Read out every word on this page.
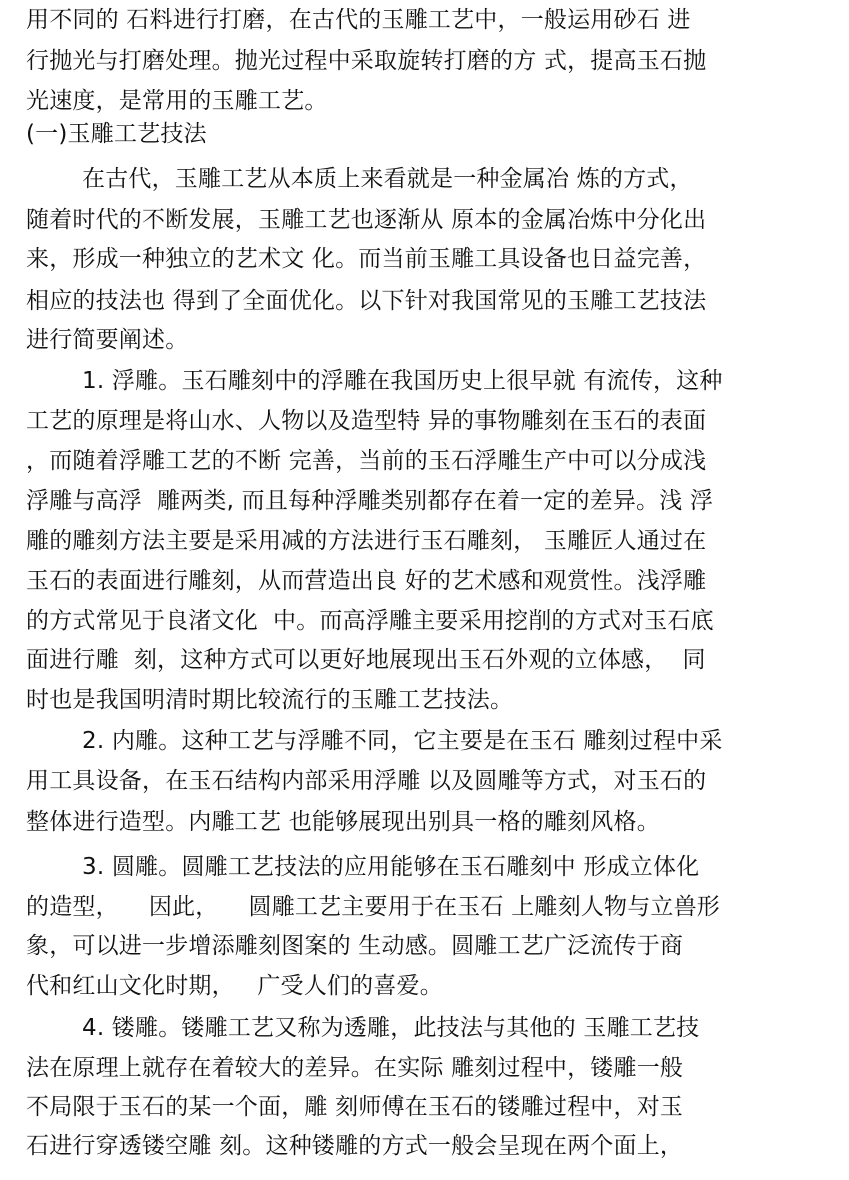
用不同的 石料进行打磨，在古代的玉雕工艺中，一般运用砂石 进
行抛光与打磨处理。抛光过程中采取旋转打磨的方 式，提高玉石抛
光速度，是常用的玉雕工艺。
(一)玉雕工艺技法
在古代，玉雕工艺从本质上来看就是一种金属冶 炼的方式，
随着时代的不断发展，玉雕工艺也逐渐从 原本的金属冶炼中分化出
来，形成一种独立的艺术文 化。而当前玉雕工具设备也日益完善，
相应的技法也 得到了全面优化。以下针对我国常见的玉雕工艺技法
进行简要阐述。
1. 浮雕。玉石雕刻中的浮雕在我国历史上很早就 有流传，这种
工艺的原理是将山水、人物以及造型特 异的事物雕刻在玉石的表面
，而随着浮雕工艺的不断 完善，当前的玉石浮雕生产中可以分成浅
浮雕与高浮  雕两类, 而且每种浮雕类别都存在着一定的差异。浅 浮
雕的雕刻方法主要是采用减的方法进行玉石雕刻， 玉雕匠人通过在
玉石的表面进行雕刻，从而营造出良 好的艺术感和观赏性。浅浮雕
的方式常见于良渚文化  中。而高浮雕主要采用挖削的方式对玉石底
面进行雕  刻，这种方式可以更好地展现出玉石外观的立体感，  同
时也是我国明清时期比较流行的玉雕工艺技法。
2. 内雕。这种工艺与浮雕不同，它主要是在玉石 雕刻过程中采
用工具设备，在玉石结构内部采用浮雕 以及圆雕等方式，对玉石的
整体进行造型。内雕工艺 也能够展现出别具一格的雕刻风格。
3. 圆雕。圆雕工艺技法的应用能够在玉石雕刻中 形成立体化
的造型，    因此，    圆雕工艺主要用于在玉石 上雕刻人物与立兽形
象，可以进一步增添雕刻图案的 生动感。圆雕工艺广泛流传于商
代和红山文化时期，   广受人们的喜爱。
4. 镂雕。镂雕工艺又称为透雕，此技法与其他的 玉雕工艺技
法在原理上就存在着较大的差异。在实际 雕刻过程中，镂雕一般
不局限于玉石的某一个面，雕 刻师傅在玉石的镂雕过程中，对玉
石进行穿透镂空雕 刻。这种镂雕的方式一般会呈现在两个面上，
